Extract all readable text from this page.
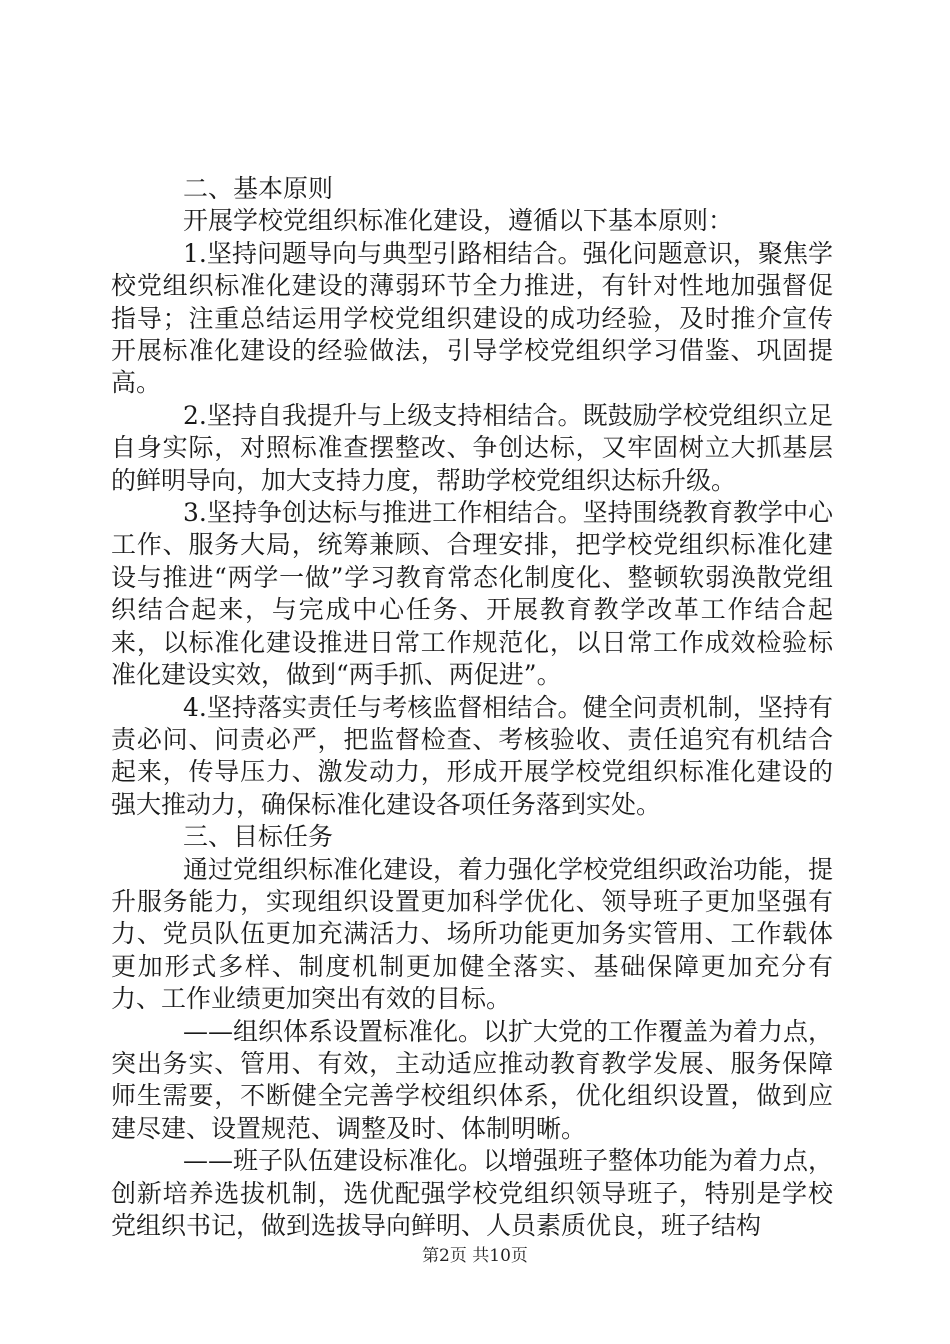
二、基本原则

开展学校党组织标准化建设，遵循以下基本原则：

1.坚持问题导向与典型引路相结合。强化问题意识，聚焦学校党组织标准化建设的薄弱环节全力推进，有针对性地加强督促指导；注重总结运用学校党组织建设的成功经验，及时推介宣传开展标准化建设的经验做法，引导学校党组织学习借鉴、巩固提高。

2.坚持自我提升与上级支持相结合。既鼓励学校党组织立足自身实际，对照标准查摆整改、争创达标，又牢固树立大抓基层的鲜明导向，加大支持力度，帮助学校党组织达标升级。

3.坚持争创达标与推进工作相结合。坚持围绕教育教学中心工作、服务大局，统筹兼顾、合理安排，把学校党组织标准化建设与推进“两学一做”学习教育常态化制度化、整顿软弱涣散党组织结合起来，与完成中心任务、开展教育教学改革工作结合起来，以标准化建设推进日常工作规范化，以日常工作成效检验标准化建设实效，做到“两手抓、两促进”。

4.坚持落实责任与考核监督相结合。健全问责机制，坚持有责必问、问责必严，把监督检查、考核验收、责任追究有机结合起来，传导压力、激发动力，形成开展学校党组织标准化建设的强大推动力，确保标准化建设各项任务落到实处。

三、目标任务

通过党组织标准化建设，着力强化学校党组织政治功能，提升服务能力，实现组织设置更加科学优化、领导班子更加坚强有力、党员队伍更加充满活力、场所功能更加务实管用、工作载体更加形式多样、制度机制更加健全落实、基础保障更加充分有力、工作业绩更加突出有效的目标。

——组织体系设置标准化。以扩大党的工作覆盖为着力点，突出务实、管用、有效，主动适应推动教育教学发展、服务保障师生需要，不断健全完善学校组织体系，优化组织设置，做到应建尽建、设置规范、调整及时、体制明晰。

——班子队伍建设标准化。以增强班子整体功能为着力点，创新培养选拔机制，选优配强学校党组织领导班子，特别是学校党组织书记，做到选拔导向鲜明、人员素质优良，班子结构

第2页 共10页
